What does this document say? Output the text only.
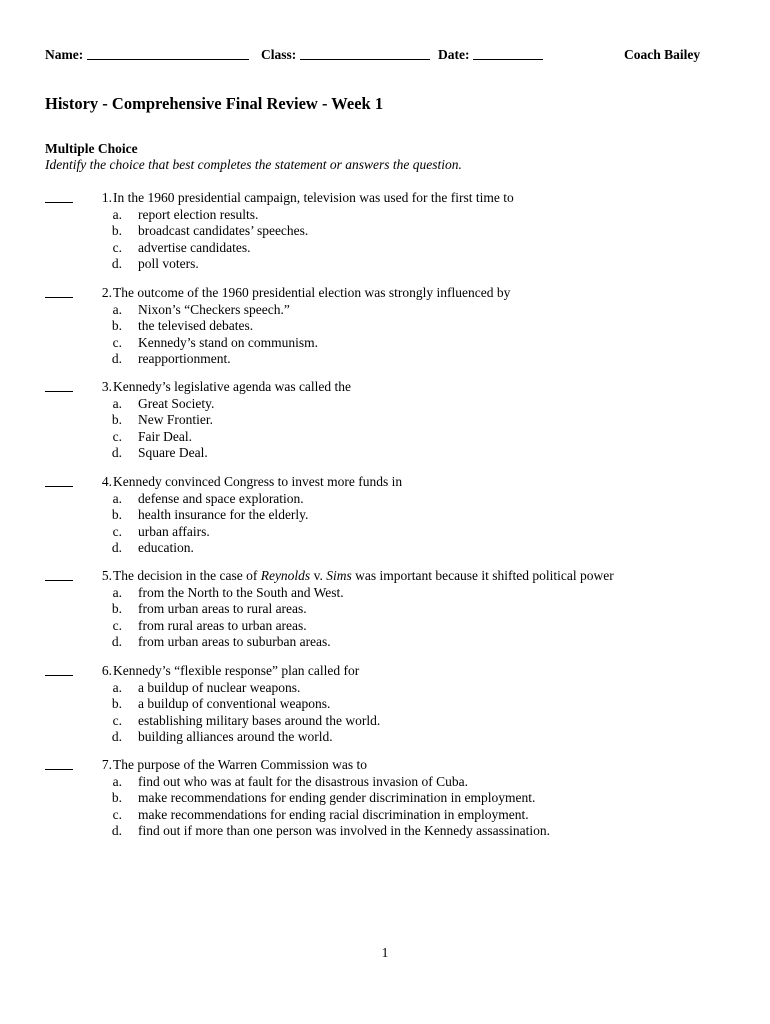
Name:	Class:	Date:	Coach Bailey
History - Comprehensive Final Review - Week 1
Multiple Choice
Identify the choice that best completes the statement or answers the question.
1. In the 1960 presidential campaign, television was used for the first time to
a. report election results.
b. broadcast candidates’ speeches.
c. advertise candidates.
d. poll voters.
2. The outcome of the 1960 presidential election was strongly influenced by
a. Nixon’s “Checkers speech.”
b. the televised debates.
c. Kennedy’s stand on communism.
d. reapportionment.
3. Kennedy’s legislative agenda was called the
a. Great Society.
b. New Frontier.
c. Fair Deal.
d. Square Deal.
4. Kennedy convinced Congress to invest more funds in
a. defense and space exploration.
b. health insurance for the elderly.
c. urban affairs.
d. education.
5. The decision in the case of Reynolds v. Sims was important because it shifted political power
a. from the North to the South and West.
b. from urban areas to rural areas.
c. from rural areas to urban areas.
d. from urban areas to suburban areas.
6. Kennedy’s “flexible response” plan called for
a. a buildup of nuclear weapons.
b. a buildup of conventional weapons.
c. establishing military bases around the world.
d. building alliances around the world.
7. The purpose of the Warren Commission was to
a. find out who was at fault for the disastrous invasion of Cuba.
b. make recommendations for ending gender discrimination in employment.
c. make recommendations for ending racial discrimination in employment.
d. find out if more than one person was involved in the Kennedy assassination.
1
